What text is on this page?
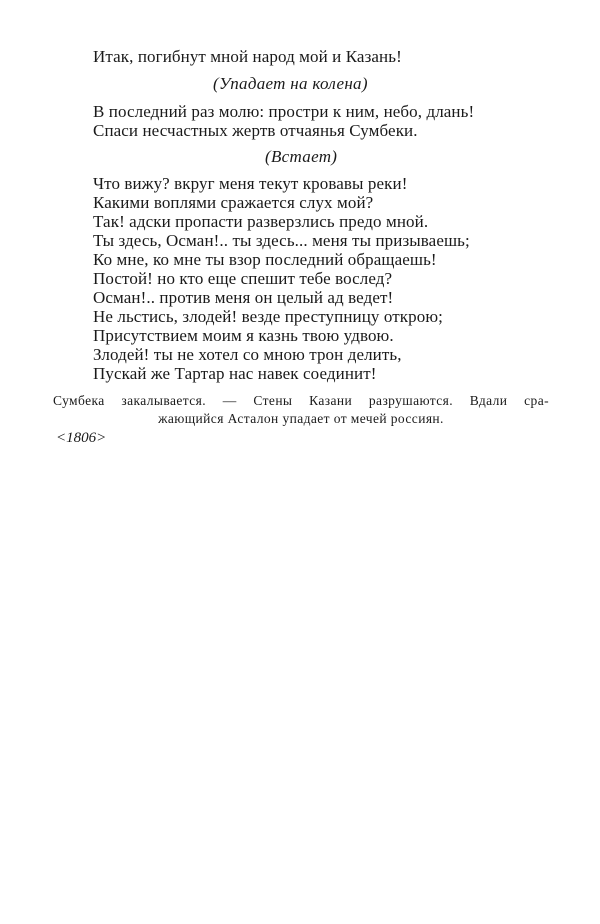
Итак, погибнут мной народ мой и Казань!
(Упадает на колена)
В последний раз молю: простри к ним, небо, длань!
Спаси несчастных жертв отчаянья Сумбеки.
(Встает)
Что вижу? вкруг меня текут кровавы реки!
Какими воплями сражается слух мой?
Так! адски пропасти разверзлись предо мной.
Ты здесь, Осман!.. ты здесь... меня ты призываешь;
Ко мне, ко мне ты взор последний обращаешь!
Постой! но кто еще спешит тебе вослед?
Осман!.. против меня он целый ад ведет!
Не льстись, злодей! везде преступницу открою;
Присутствием моим я казнь твою удвою.
Злодей! ты не хотел со мною трон делить,
Пускай же Тартар нас навек соединит!
Сумбека закалывается. — Стены Казани разрушаются. Вдали сра-
жающийся Асталон упадает от мечей россиян.
<1806>
